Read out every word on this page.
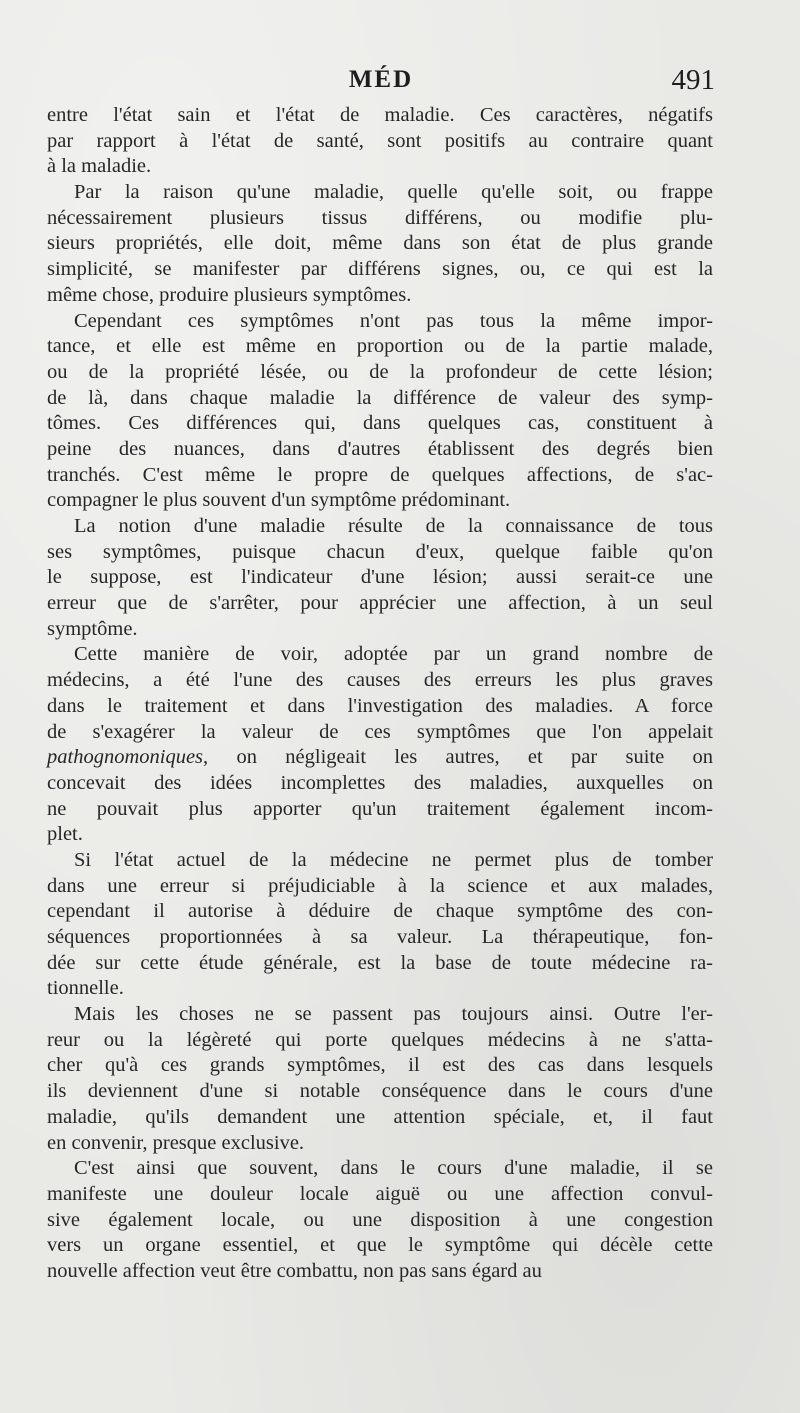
MÉD	491
entre l'état sain et l'état de maladie. Ces caractères, négatifs
par rapport à l'état de santé, sont positifs au contraire quant
à la maladie.
Par la raison qu'une maladie, quelle qu'elle soit, ou frappe
nécessairement plusieurs tissus différens, ou modifie plu-
sieurs propriétés, elle doit, même dans son état de plus grande
simplicité, se manifester par différens signes, ou, ce qui est la
même chose, produire plusieurs symptômes.
Cependant ces symptômes n'ont pas tous la même impor-
tance, et elle est même en proportion ou de la partie malade,
ou de la propriété lésée, ou de la profondeur de cette lésion;
de là, dans chaque maladie la différence de valeur des symp-
tômes. Ces différences qui, dans quelques cas, constituent à
peine des nuances, dans d'autres établissent des degrés bien
tranchés. C'est même le propre de quelques affections, de s'ac-
compagner le plus souvent d'un symptôme prédominant.
La notion d'une maladie résulte de la connaissance de tous
ses symptômes, puisque chacun d'eux, quelque faible qu'on
le suppose, est l'indicateur d'une lésion; aussi serait-ce une
erreur que de s'arrêter, pour apprécier une affection, à un seul
symptôme.
Cette manière de voir, adoptée par un grand nombre de
médecins, a été l'une des causes des erreurs les plus graves
dans le traitement et dans l'investigation des maladies. A force
de s'exagérer la valeur de ces symptômes que l'on appelait
pathognomoniques, on négligeait les autres, et par suite on
concevait des idées incomplettes des maladies, auxquelles on
ne pouvait plus apporter qu'un traitement également incom-
plet.
Si l'état actuel de la médecine ne permet plus de tomber
dans une erreur si préjudiciable à la science et aux malades,
cependant il autorise à déduire de chaque symptôme des con-
séquences proportionnées à sa valeur. La thérapeutique, fon-
dée sur cette étude générale, est la base de toute médecine ra-
tionnelle.
Mais les choses ne se passent pas toujours ainsi. Outre l'er-
reur ou la légèreté qui porte quelques médecins à ne s'atta-
cher qu'à ces grands symptômes, il est des cas dans lesquels
ils deviennent d'une si notable conséquence dans le cours d'une
maladie, qu'ils demandent une attention spéciale, et, il faut
en convenir, presque exclusive.
C'est ainsi que souvent, dans le cours d'une maladie, il se
manifeste une douleur locale aiguë ou une affection convul-
sive également locale, ou une disposition à une congestion
vers un organe essentiel, et que le symptôme qui décèle cette
nouvelle affection veut être combattu, non pas sans égard au
